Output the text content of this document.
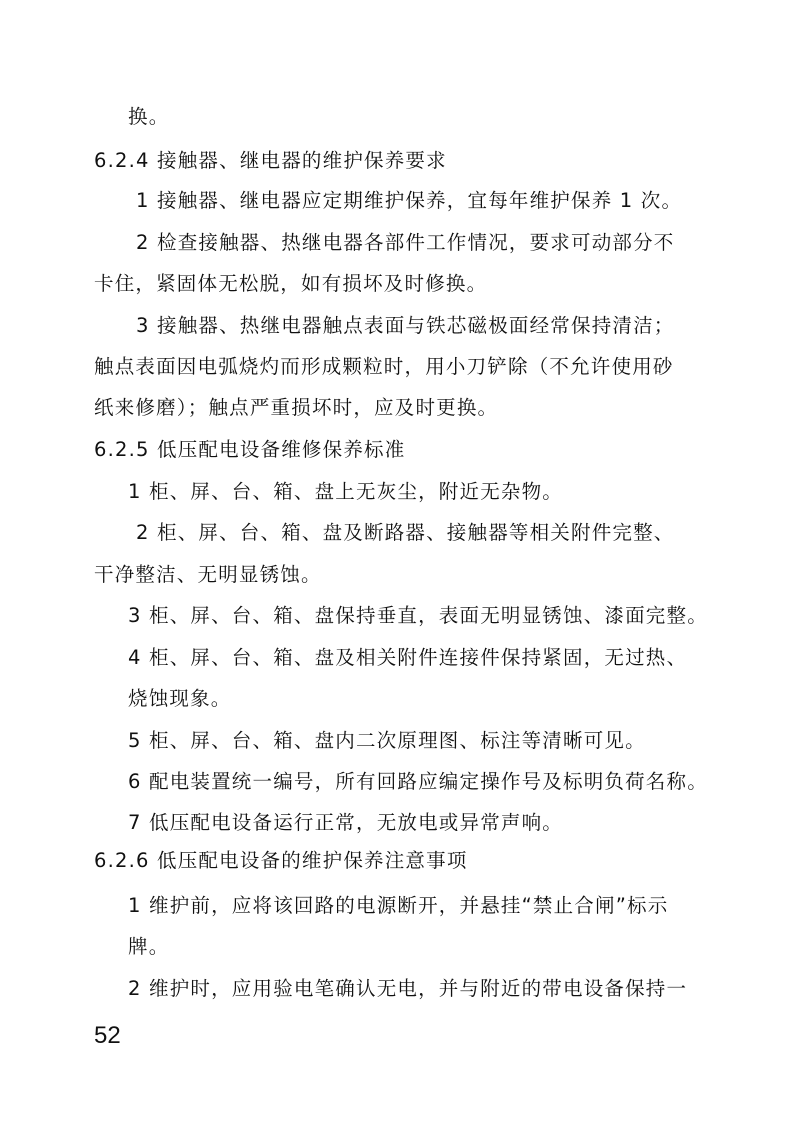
换。
6.2.4 接触器、继电器的维护保养要求
1 接触器、继电器应定期维护保养，宜每年维护保养 1 次。
2 检查接触器、热继电器各部件工作情况，要求可动部分不
卡住，紧固体无松脱，如有损坏及时修换。
3 接触器、热继电器触点表面与铁芯磁极面经常保持清洁；
触点表面因电弧烧灼而形成颗粒时，用小刀铲除（不允许使用砂
纸来修磨）；触点严重损坏时，应及时更换。
6.2.5 低压配电设备维修保养标准
1 柜、屏、台、箱、盘上无灰尘，附近无杂物。
2 柜、屏、台、箱、盘及断路器、接触器等相关附件完整、
干净整洁、无明显锈蚀。
3 柜、屏、台、箱、盘保持垂直，表面无明显锈蚀、漆面完整。
4 柜、屏、台、箱、盘及相关附件连接件保持紧固，无过热、
烧蚀现象。
5 柜、屏、台、箱、盘内二次原理图、标注等清晰可见。
6 配电装置统一编号，所有回路应编定操作号及标明负荷名称。
7 低压配电设备运行正常，无放电或异常声响。
6.2.6 低压配电设备的维护保养注意事项
1 维护前，应将该回路的电源断开，并悬挂“禁止合闸”标示
牌。
2 维护时，应用验电笔确认无电，并与附近的带电设备保持一
52
